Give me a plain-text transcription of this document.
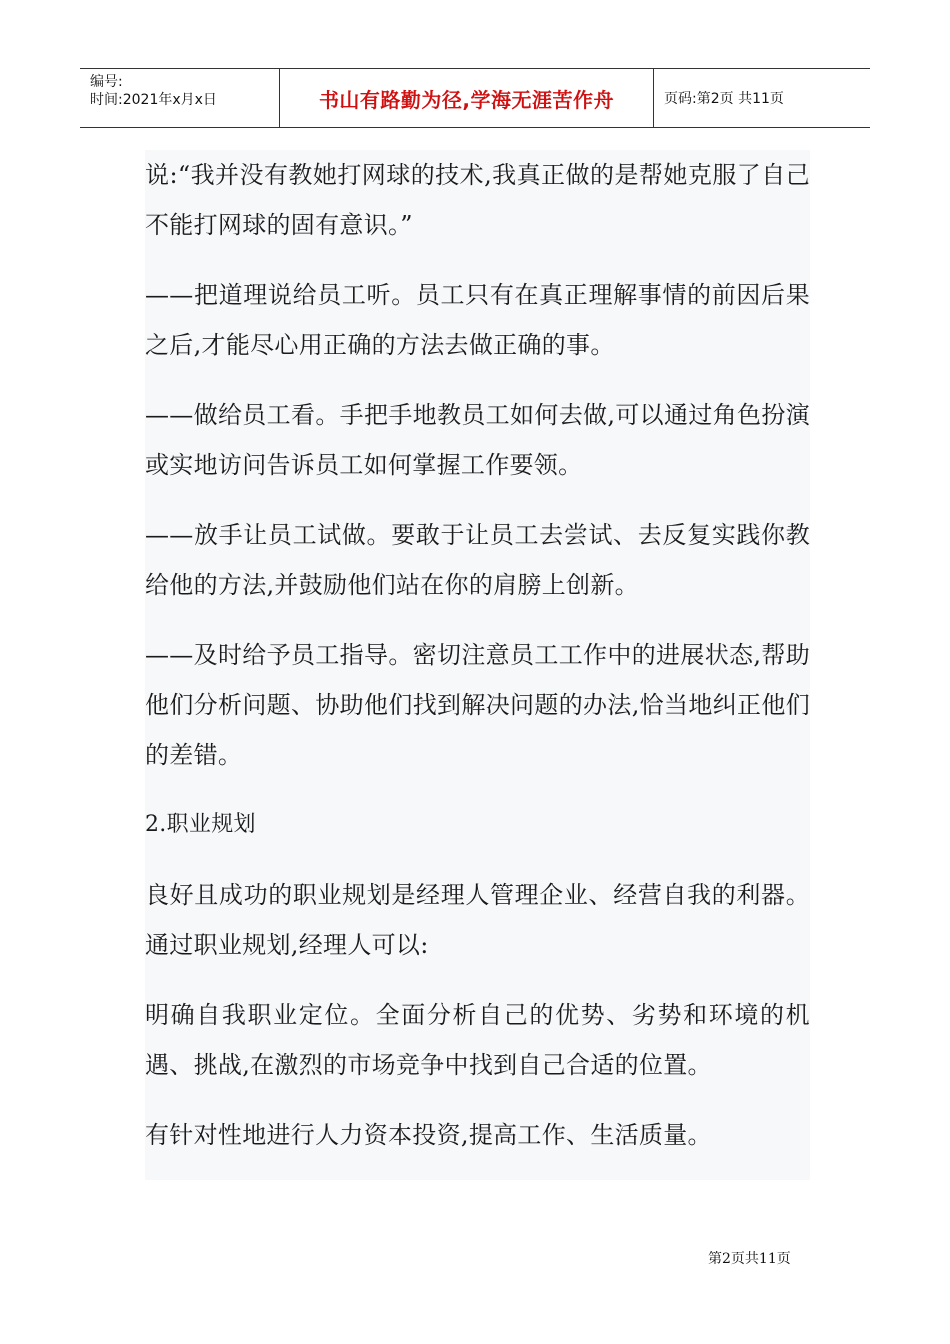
编号:
时间:2021年x月x日	书山有路勤为径,学海无涯苦作舟	页码:第2页 共11页

说:“我并没有教她打网球的技术,我真正做的是帮她克服了自己不能打网球的固有意识。”

——把道理说给员工听。员工只有在真正理解事情的前因后果之后,才能尽心用正确的方法去做正确的事。

——做给员工看。手把手地教员工如何去做,可以通过角色扮演或实地访问告诉员工如何掌握工作要领。

——放手让员工试做。要敢于让员工去尝试、去反复实践你教给他的方法,并鼓励他们站在你的肩膀上创新。

——及时给予员工指导。密切注意员工工作中的进展状态,帮助他们分析问题、协助他们找到解决问题的办法,恰当地纠正他们的差错。

2.职业规划

良好且成功的职业规划是经理人管理企业、经营自我的利器。通过职业规划,经理人可以:

明确自我职业定位。全面分析自己的优势、劣势和环境的机遇、挑战,在激烈的市场竞争中找到自己合适的位置。

有针对性地进行人力资本投资,提高工作、生活质量。

第2页共11页
